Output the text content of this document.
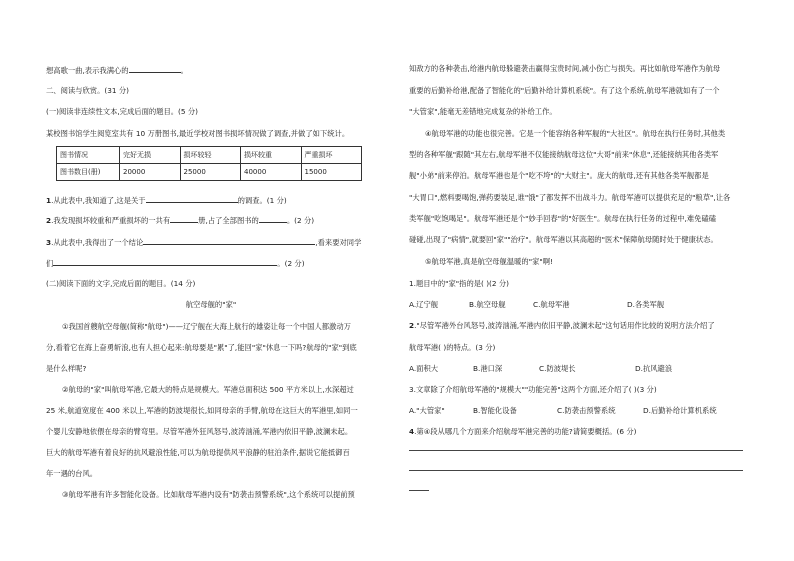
想高歌一曲,表示我满心的	。
二、阅读与欣赏。(31 分)
(一)阅读非连续性文本,完成后面的题目。(5 分)
某校图书馆学生阅览室共有 10 万册图书,最近学校对图书损坏情况做了调查,并做了如下统计。
图书情况	完好无损	损坏较轻	损坏较重	严重损坏
图书数目(册)	20000	25000	40000	15000
1.从此表中,我知道了,这是关于	的调查。(1 分)
2.我发现损坏较重和严重损坏的一共有	册,占了全部图书的	。(2 分)
3.从此表中,我得出了一个结论	,看来要对同学
们	。(2 分)
(二)阅读下面的文字,完成后面的题目。(14 分)
航空母舰的"家"
①我国首艘航空母舰(简称"航母")——辽宁舰在大海上航行的雄姿让每一个中国人都激动万
分,看着它在海上奋勇斩浪,也有人担心起来:航母要是"累"了,能回"家"休息一下吗?航母的"家"到底
是什么样呢?
②航母的"家"叫航母军港,它最大的特点是规模大。军港总面积达 500 平方米以上,水深超过
25 米,航道宽度在 400 米以上,军港的防波堤很长,如同母亲的手臂,航母在这巨大的军港里,如同一
个婴儿安静地依偎在母亲的臂弯里。尽管军港外狂风怒号,波涛汹涌,军港内依旧平静,波澜未起。
巨大的航母军港有着良好的抗风避浪性能,可以为航母提供风平浪静的驻泊条件,据说它能抵御百
年一遇的台风。
③航母军港有许多智能化设备。比如航母军港内设有"防袭击预警系统",这个系统可以提前预
知敌方的各种袭击,给港内航母躲避袭击赢得宝贵时间,减小伤亡与损失。再比如航母军港作为航母
重要的后勤补给港,配备了智能化的"后勤补给计算机系统"。有了这个系统,航母军港就如有了一个
"大管家",能毫无差错地完成复杂的补给工作。
④航母军港的功能也很完善。它是一个能容纳各种军舰的"大社区"。航母在执行任务时,其他类
型的各种军舰"跟随"其左右,航母军港不仅能接纳航母这位"大哥"前来"休息",还能接纳其他各类军
舰"小弟"前来停泊。航母军港也是个"吃不垮"的"大财主"。庞大的航母,还有其他各类军舰都是
"大胃口",燃料要喝饱,弹药要装足,谁"饿"了都发挥不出战斗力。航母军港可以提供充足的"粮草",让各
类军舰"吃饱喝足"。航母军港还是个"妙手回春"的"好医生"。航母在执行任务的过程中,难免磕磕
碰碰,出现了"病情",就要回"家""治疗"。航母军港以其高超的"医术"保障航母随时处于健康状态。
⑤航母军港,真是航空母舰温暖的"家"啊!
1.题目中的"家"指的是( )(2 分)
A.辽宁舰	B.航空母舰	C.航母军港	D.各类军舰
2."尽管军港外台风怒号,波涛汹涌,军港内依旧平静,波澜未起"这句话用作比较的说明方法介绍了
航母军港( )的特点。(3 分)
A.面积大	B.港口深	C.防波堤长	D.抗风避浪
3.文章除了介绍航母军港的"规模大""功能完善"这两个方面,还介绍了( )(3 分)
A."大管家"	B.智能化设备	C.防袭击预警系统	D.后勤补给计算机系统
4.第④段从哪几个方面来介绍航母军港完善的功能?请简要概括。(6 分)
